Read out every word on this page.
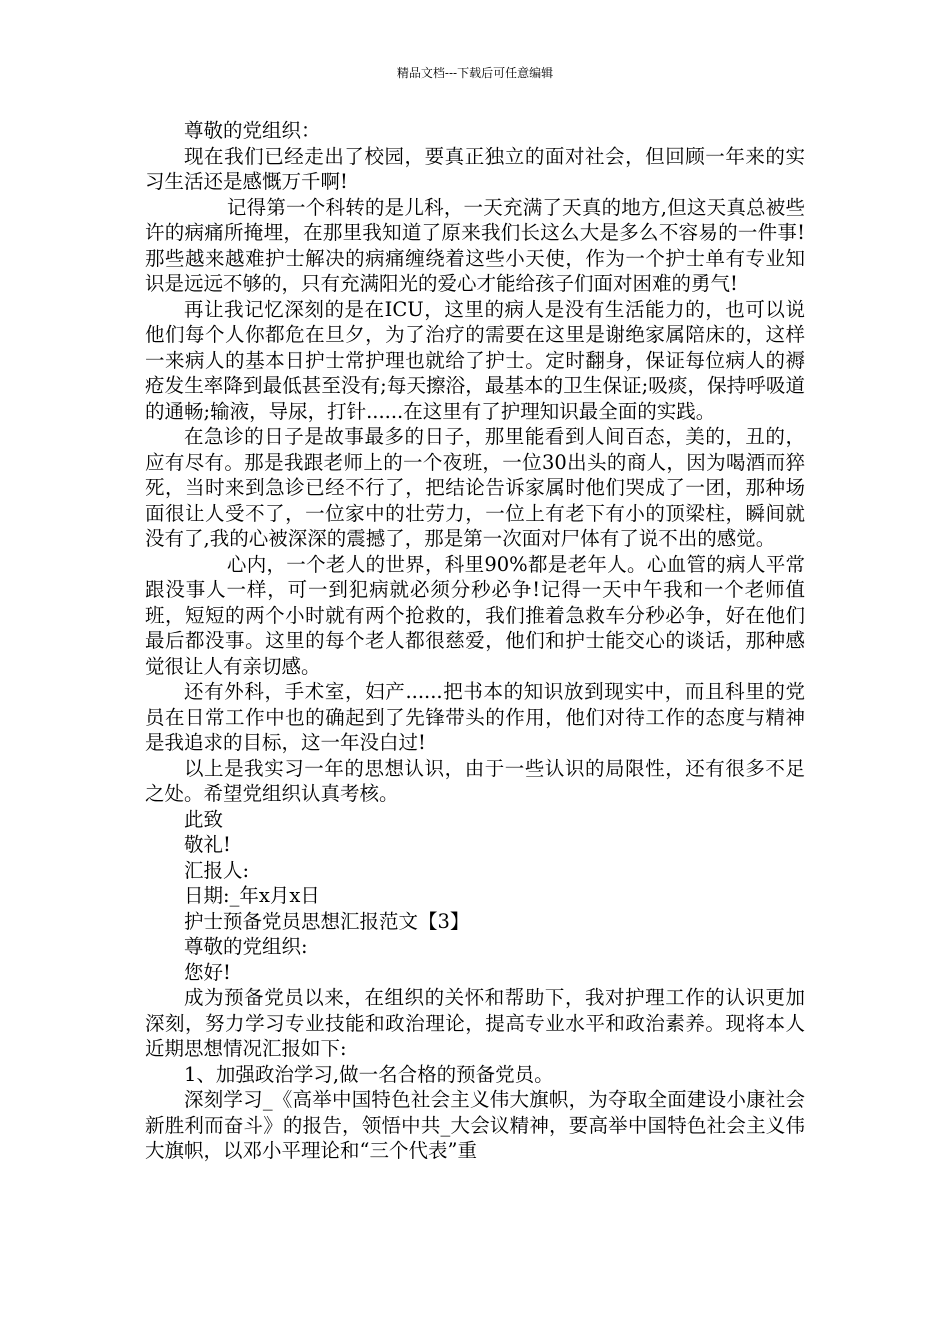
精品文档---下载后可任意编辑

尊敬的党组织：

现在我们已经走出了校园，要真正独立的面对社会，但回顾一年来的实习生活还是感慨万千啊!

记得第一个科转的是儿科，一天充满了天真的地方,但这天真总被些许的病痛所掩埋，在那里我知道了原来我们长这么大是多么不容易的一件事!那些越来越难护士解决的病痛缠绕着这些小天使，作为一个护士单有专业知识是远远不够的，只有充满阳光的爱心才能给孩子们面对困难的勇气!

再让我记忆深刻的是在ICU，这里的病人是没有生活能力的，也可以说他们每个人你都危在旦夕，为了治疗的需要在这里是谢绝家属陪床的，这样一来病人的基本日护士常护理也就给了护士。定时翻身，保证每位病人的褥疮发生率降到最低甚至没有;每天擦浴，最基本的卫生保证;吸痰，保持呼吸道的通畅;输液，导尿，打针......在这里有了护理知识最全面的实践。

在急诊的日子是故事最多的日子，那里能看到人间百态，美的，丑的，应有尽有。那是我跟老师上的一个夜班，一位30出头的商人，因为喝酒而猝死，当时来到急诊已经不行了，把结论告诉家属时他们哭成了一团，那种场面很让人受不了，一位家中的壮劳力，一位上有老下有小的顶梁柱，瞬间就没有了,我的心被深深的震撼了，那是第一次面对尸体有了说不出的感觉。

心内，一个老人的世界，科里90%都是老年人。心血管的病人平常跟没事人一样，可一到犯病就必须分秒必争!记得一天中午我和一个老师值班，短短的两个小时就有两个抢救的，我们推着急救车分秒必争，好在他们最后都没事。这里的每个老人都很慈爱，他们和护士能交心的谈话，那种感觉很让人有亲切感。

还有外科，手术室，妇产......把书本的知识放到现实中，而且科里的党员在日常工作中也的确起到了先锋带头的作用，他们对待工作的态度与精神是我追求的目标，这一年没白过!

以上是我实习一年的思想认识，由于一些认识的局限性，还有很多不足之处。希望党组织认真考核。

此致

敬礼!

汇报人:

日期:_年x月x日

护士预备党员思想汇报范文【3】

尊敬的党组织:

您好!

成为预备党员以来，在组织的关怀和帮助下，我对护理工作的认识更加深刻，努力学习专业技能和政治理论，提高专业水平和政治素养。现将本人近期思想情况汇报如下:

1、加强政治学习,做一名合格的预备党员。

深刻学习_《高举中国特色社会主义伟大旗帜，为夺取全面建设小康社会新胜利而奋斗》的报告，领悟中共_大会议精神，要高举中国特色社会主义伟大旗帜，以邓小平理论和“三个代表”重
